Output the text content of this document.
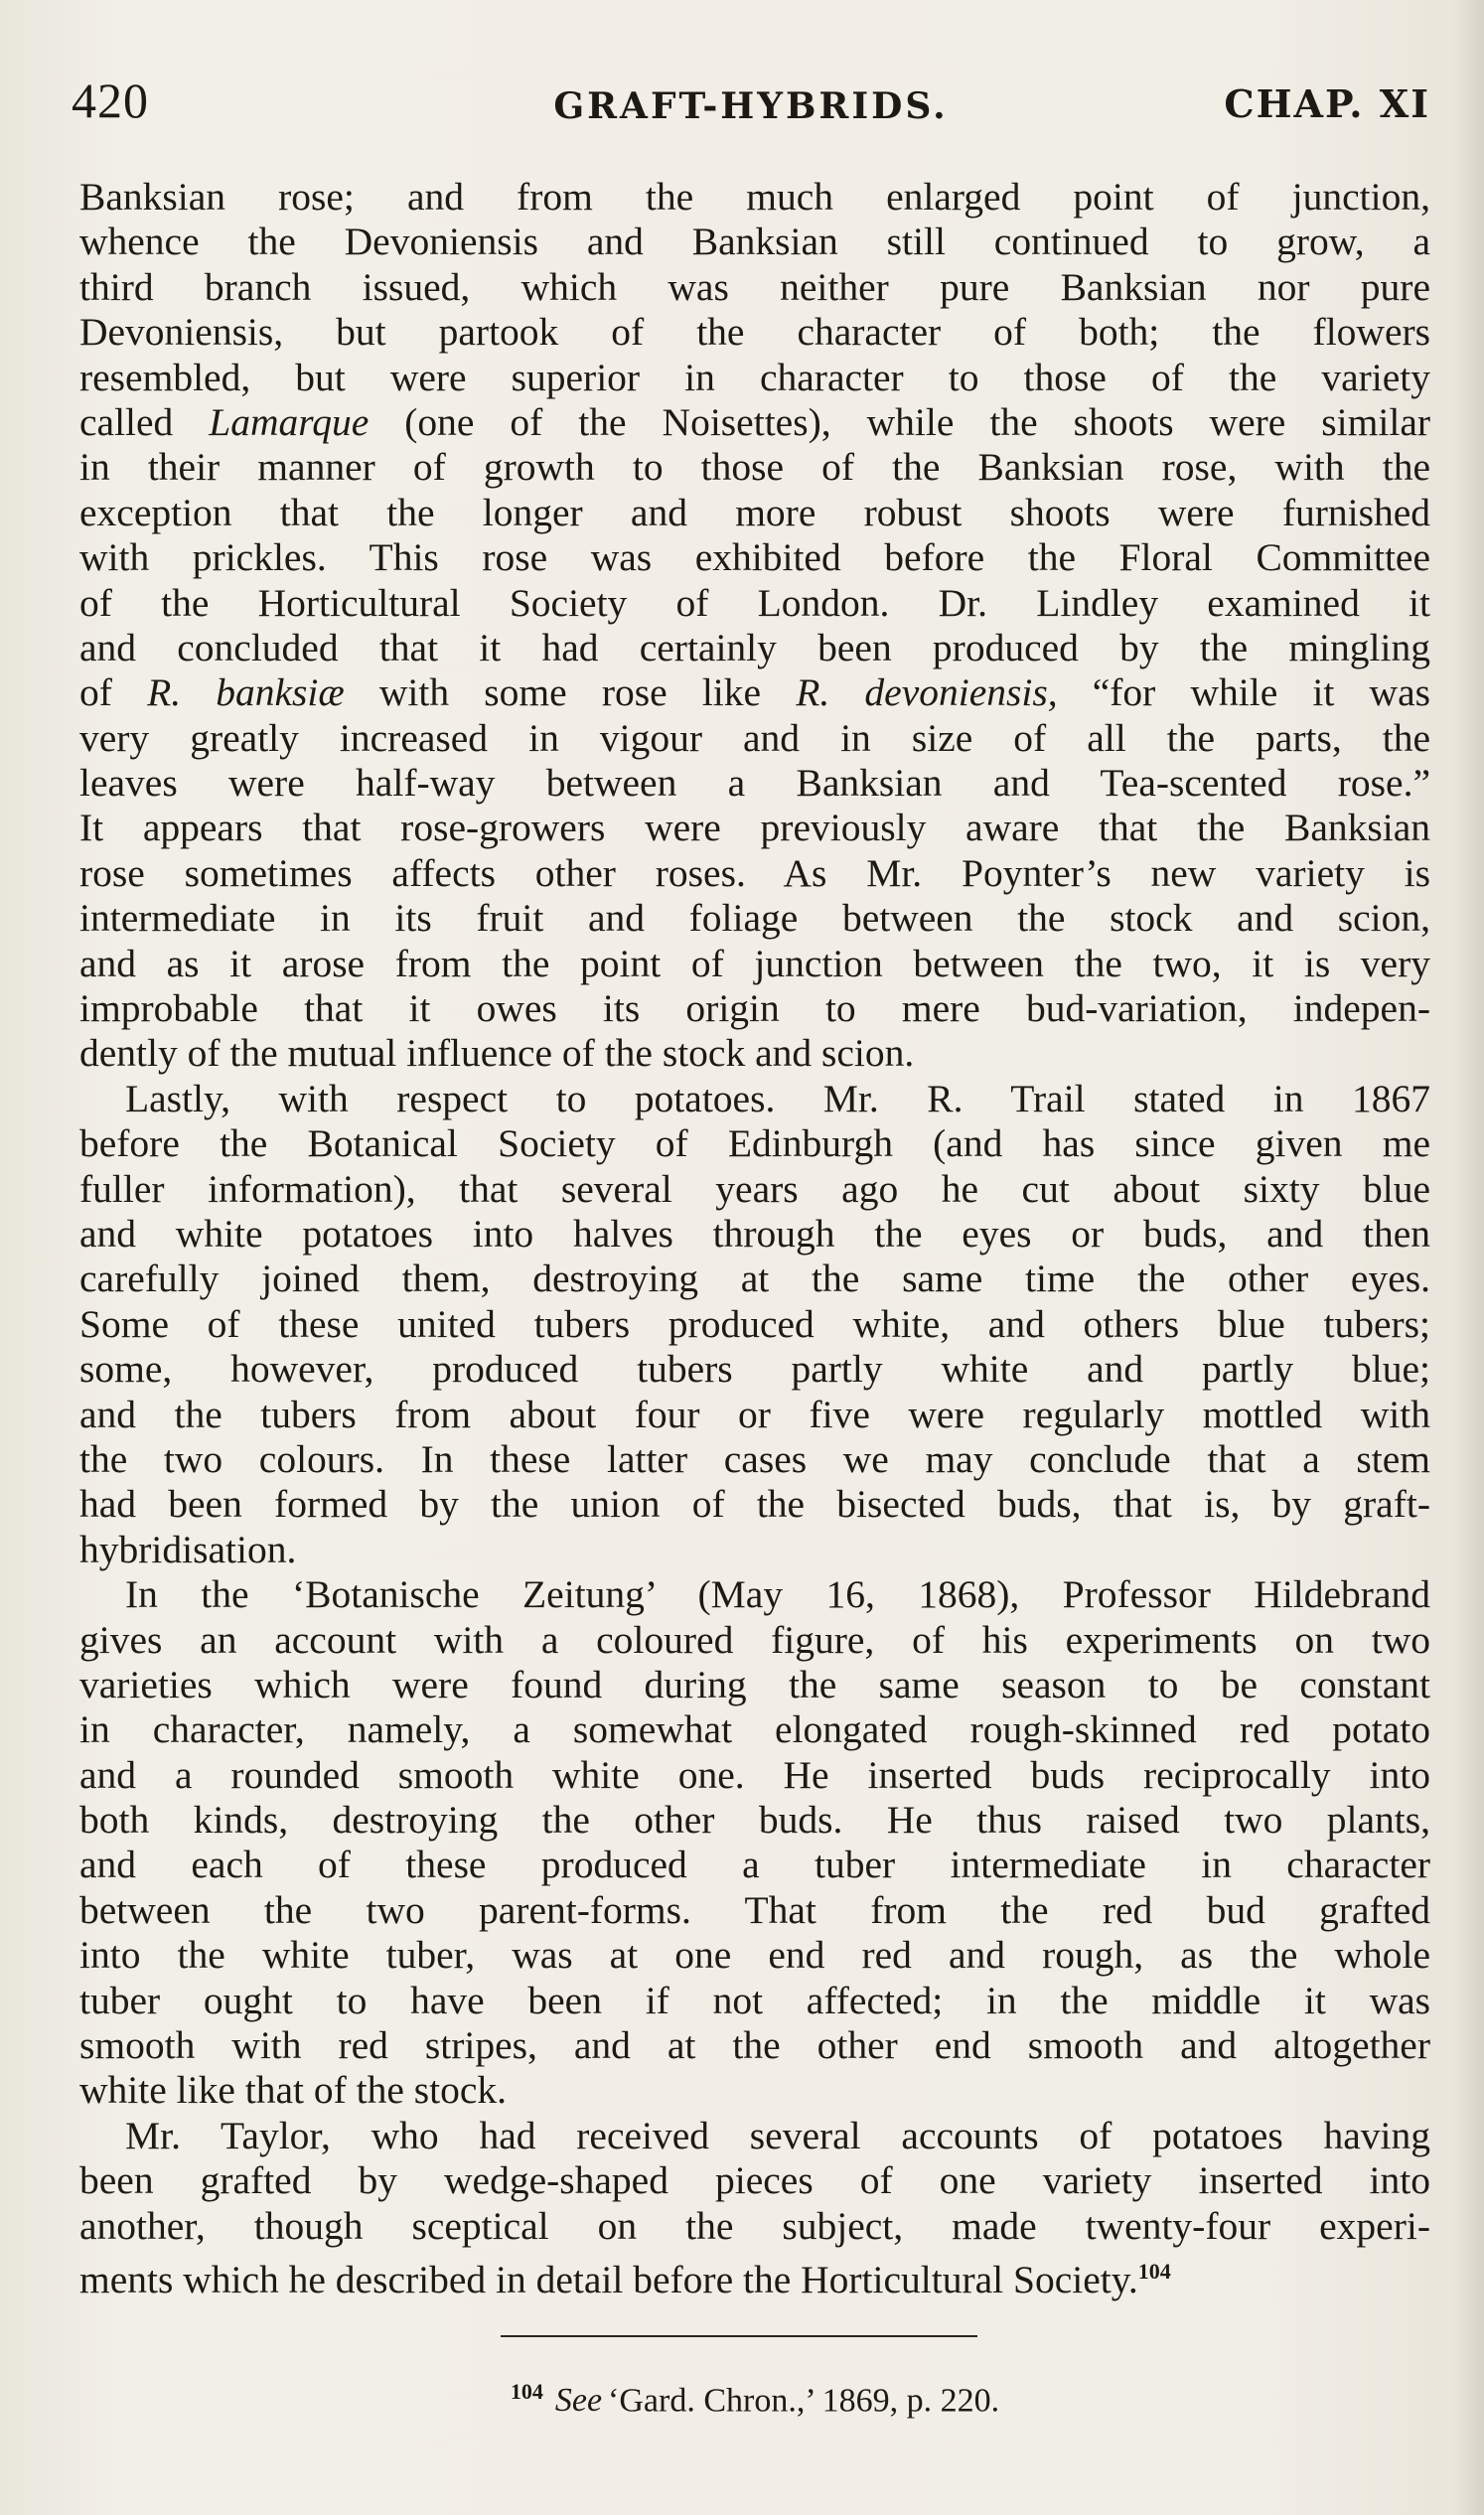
420	GRAFT-HYBRIDS.	CHAP. XI
Banksian rose; and from the much enlarged point of junction,
whence the Devoniensis and Banksian still continued to grow, a
third branch issued, which was neither pure Banksian nor pure
Devoniensis, but partook of the character of both; the flowers
resembled, but were superior in character to those of the variety
called Lamarque (one of the Noisettes), while the shoots were similar
in their manner of growth to those of the Banksian rose, with the
exception that the longer and more robust shoots were furnished
with prickles. This rose was exhibited before the Floral Committee
of the Horticultural Society of London. Dr. Lindley examined it
and concluded that it had certainly been produced by the mingling
of R. banksiæ with some rose like R. devoniensis, “for while it was
very greatly increased in vigour and in size of all the parts, the
leaves were half-way between a Banksian and Tea-scented rose.”
It appears that rose-growers were previously aware that the Banksian
rose sometimes affects other roses. As Mr. Poynter’s new variety is
intermediate in its fruit and foliage between the stock and scion,
and as it arose from the point of junction between the two, it is very
improbable that it owes its origin to mere bud-variation, indepen-
dently of the mutual influence of the stock and scion.
Lastly, with respect to potatoes. Mr. R. Trail stated in 1867
before the Botanical Society of Edinburgh (and has since given me
fuller information), that several years ago he cut about sixty blue
and white potatoes into halves through the eyes or buds, and then
carefully joined them, destroying at the same time the other eyes.
Some of these united tubers produced white, and others blue tubers;
some, however, produced tubers partly white and partly blue;
and the tubers from about four or five were regularly mottled with
the two colours. In these latter cases we may conclude that a stem
had been formed by the union of the bisected buds, that is, by graft-
hybridisation.
In the ‘Botanische Zeitung’ (May 16, 1868), Professor Hildebrand
gives an account with a coloured figure, of his experiments on two
varieties which were found during the same season to be constant
in character, namely, a somewhat elongated rough-skinned red potato
and a rounded smooth white one. He inserted buds reciprocally into
both kinds, destroying the other buds. He thus raised two plants,
and each of these produced a tuber intermediate in character
between the two parent-forms. That from the red bud grafted
into the white tuber, was at one end red and rough, as the whole
tuber ought to have been if not affected; in the middle it was
smooth with red stripes, and at the other end smooth and altogether
white like that of the stock.
Mr. Taylor, who had received several accounts of potatoes having
been grafted by wedge-shaped pieces of one variety inserted into
another, though sceptical on the subject, made twenty-four experi-
ments which he described in detail before the Horticultural Society.$^{104}$
$^{104}$ See ‘Gard. Chron.,’ 1869, p. 220.
